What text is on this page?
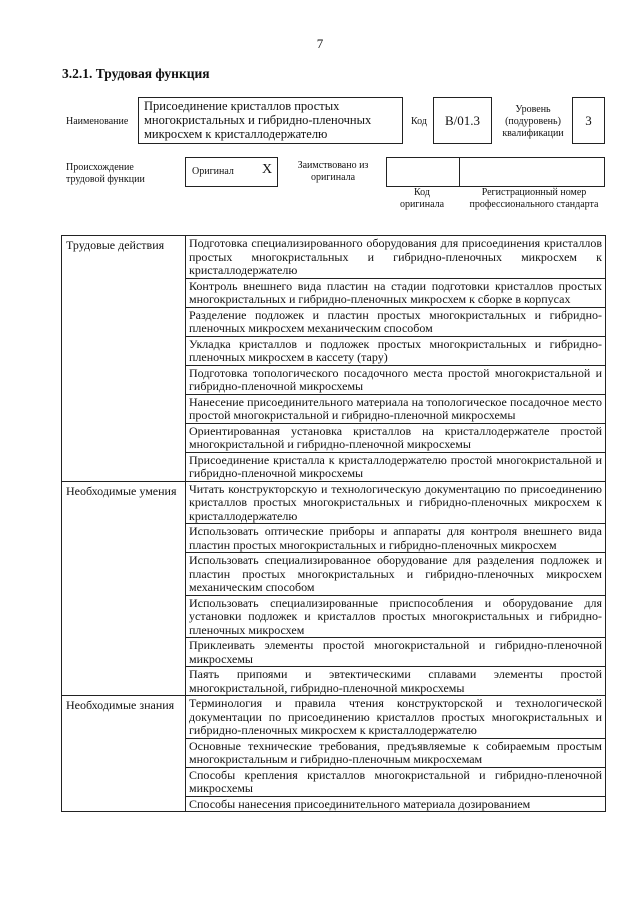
7
3.2.1. Трудовая функция
Наименование
Присоединение кристаллов простых многокристальных и гибридно-пленочных микросхем к кристаллодержателю
Код	B/01.3
Уровень (подуровень) квалификации
3
Происхождение трудовой функции
Оригинал X	Заимствовано из оригинала
Код оригинала
Регистрационный номер профессионального стандарта
Трудовые действия	Подготовка специализированного оборудования для присоединения кристаллов простых многокристальных и гибридно-пленочных микросхем к кристаллодержателю
	Контроль внешнего вида пластин на стадии подготовки кристаллов простых многокристальных и гибридно-пленочных микросхем к сборке в корпусах
	Разделение подложек и пластин простых многокристальных и гибридно-пленочных микросхем механическим способом
	Укладка кристаллов и подложек простых многокристальных и гибридно-пленочных микросхем в кассету (тару)
	Подготовка топологического посадочного места простой многокристальной и гибридно-пленочной микросхемы
	Нанесение присоединительного материала на топологическое посадочное место простой многокристальной и гибридно-пленочной микросхемы
	Ориентированная установка кристаллов на кристаллодержателе простой многокристальной и гибридно-пленочной микросхемы
	Присоединение кристалла к кристаллодержателю простой многокристальной и гибридно-пленочной микросхемы
Необходимые умения	Читать конструкторскую и технологическую документацию по присоединению кристаллов простых многокристальных и гибридно-пленочных микросхем к кристаллодержателю
	Использовать оптические приборы и аппараты для контроля внешнего вида пластин простых многокристальных и гибридно-пленочных микросхем
	Использовать специализированное оборудование для разделения подложек и пластин простых многокристальных и гибридно-пленочных микросхем механическим способом
	Использовать специализированные приспособления и оборудование для установки подложек и кристаллов простых многокристальных и гибридно-пленочных микросхем
	Приклеивать элементы простой многокристальной и гибридно-пленочной микросхемы
	Паять припоями и эвтектическими сплавами элементы простой многокристальной, гибридно-пленочной микросхемы
Необходимые знания	Терминология и правила чтения конструкторской и технологической документации по присоединению кристаллов простых многокристальных и гибридно-пленочных микросхем к кристаллодержателю
	Основные технические требования, предъявляемые к собираемым простым многокристальным и гибридно-пленочным микросхемам
	Способы крепления кристаллов многокристальной и гибридно-пленочной микросхемы
	Способы нанесения присоединительного материала дозированием
